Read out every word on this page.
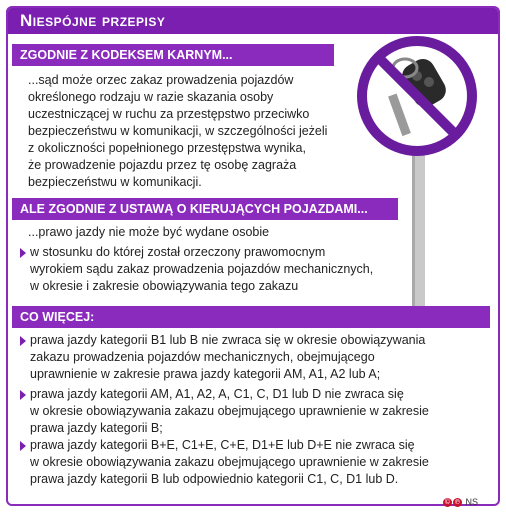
Niespójne przepisy
ZGODNIE Z KODEKSEM KARNYM...
...sąd może orzec zakaz prowadzenia pojazdów
określonego rodzaju w razie skazania osoby
uczestniczącej w ruchu za przestępstwo przeciwko
bezpieczeństwu w komunikacji, w szczególności jeżeli
z okoliczności popełnionego przestępstwa wynika,
że prowadzenie pojazdu przez tę osobę zagraża
bezpieczeństwu w komunikacji.
ALE ZGODNIE Z USTAWĄ O KIERUJĄCYCH POJAZDAMI...
...prawo jazdy nie może być wydane osobie
w stosunku do której został orzeczony prawomocnym
wyrokiem sądu zakaz prowadzenia pojazdów mechanicznych,
w okresie i zakresie obowiązywania tego zakazu
CO WIĘCEJ:
prawa jazdy kategorii B1 lub B nie zwraca się w okresie obowiązywania
zakazu prowadzenia pojazdów mechanicznych, obejmującego
uprawnienie w zakresie prawa jazdy kategorii AM, A1, A2 lub A;
prawa jazdy kategorii AM, A1, A2, A, C1, C, D1 lub D nie zwraca się
w okresie obowiązywania zakazu obejmującego uprawnienie w zakresie
prawa jazdy kategorii B;
prawa jazdy kategorii B+E, C1+E, C+E, D1+E lub D+E nie zwraca się
w okresie obowiązywania zakazu obejmującego uprawnienie w zakresie
prawa jazdy kategorii B lub odpowiednio kategorii C1, C, D1 lub D.
© ℗ NS
